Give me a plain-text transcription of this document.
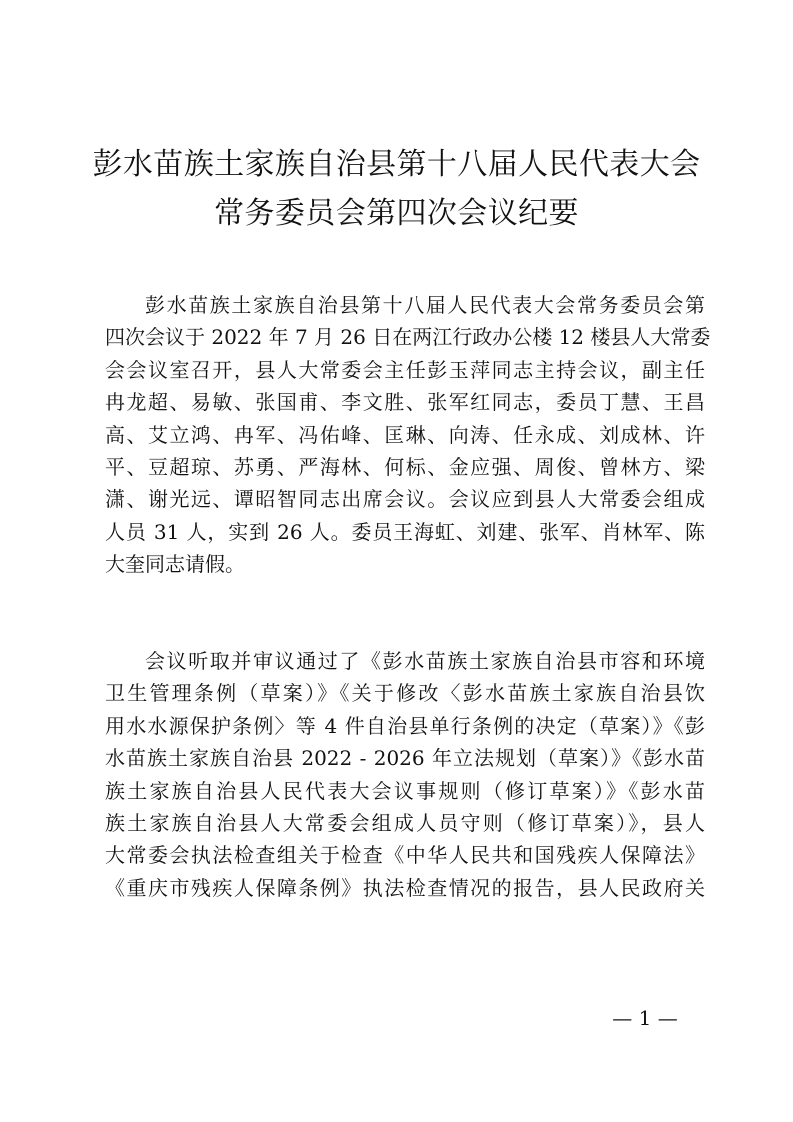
彭水苗族土家族自治县第十八届人民代表大会
常务委员会第四次会议纪要
彭水苗族土家族自治县第十八届人民代表大会常务委员会第
四次会议于 2022 年 7 月 26 日在两江行政办公楼 12 楼县人大常委
会会议室召开，县人大常委会主任彭玉萍同志主持会议，副主任
冉龙超、易敏、张国甫、李文胜、张军红同志，委员丁慧、王昌
高、艾立鸿、冉军、冯佑峰、匡琳、向涛、任永成、刘成林、许
平、豆超琼、苏勇、严海林、何标、金应强、周俊、曾林方、梁
潇、谢光远、谭昭智同志出席会议。会议应到县人大常委会组成
人员 31 人，实到 26 人。委员王海虹、刘建、张军、肖林军、陈
大奎同志请假。
会议听取并审议通过了《彭水苗族土家族自治县市容和环境
卫生管理条例（草案）》《关于修改〈彭水苗族土家族自治县饮
用水水源保护条例〉等 4 件自治县单行条例的决定（草案）》《彭
水苗族土家族自治县 2022 - 2026 年立法规划（草案）》《彭水苗
族土家族自治县人民代表大会议事规则（修订草案）》《彭水苗
族土家族自治县人大常委会组成人员守则（修订草案）》，县人
大常委会执法检查组关于检查《中华人民共和国残疾人保障法》
《重庆市残疾人保障条例》执法检查情况的报告，县人民政府关
— 1 —
